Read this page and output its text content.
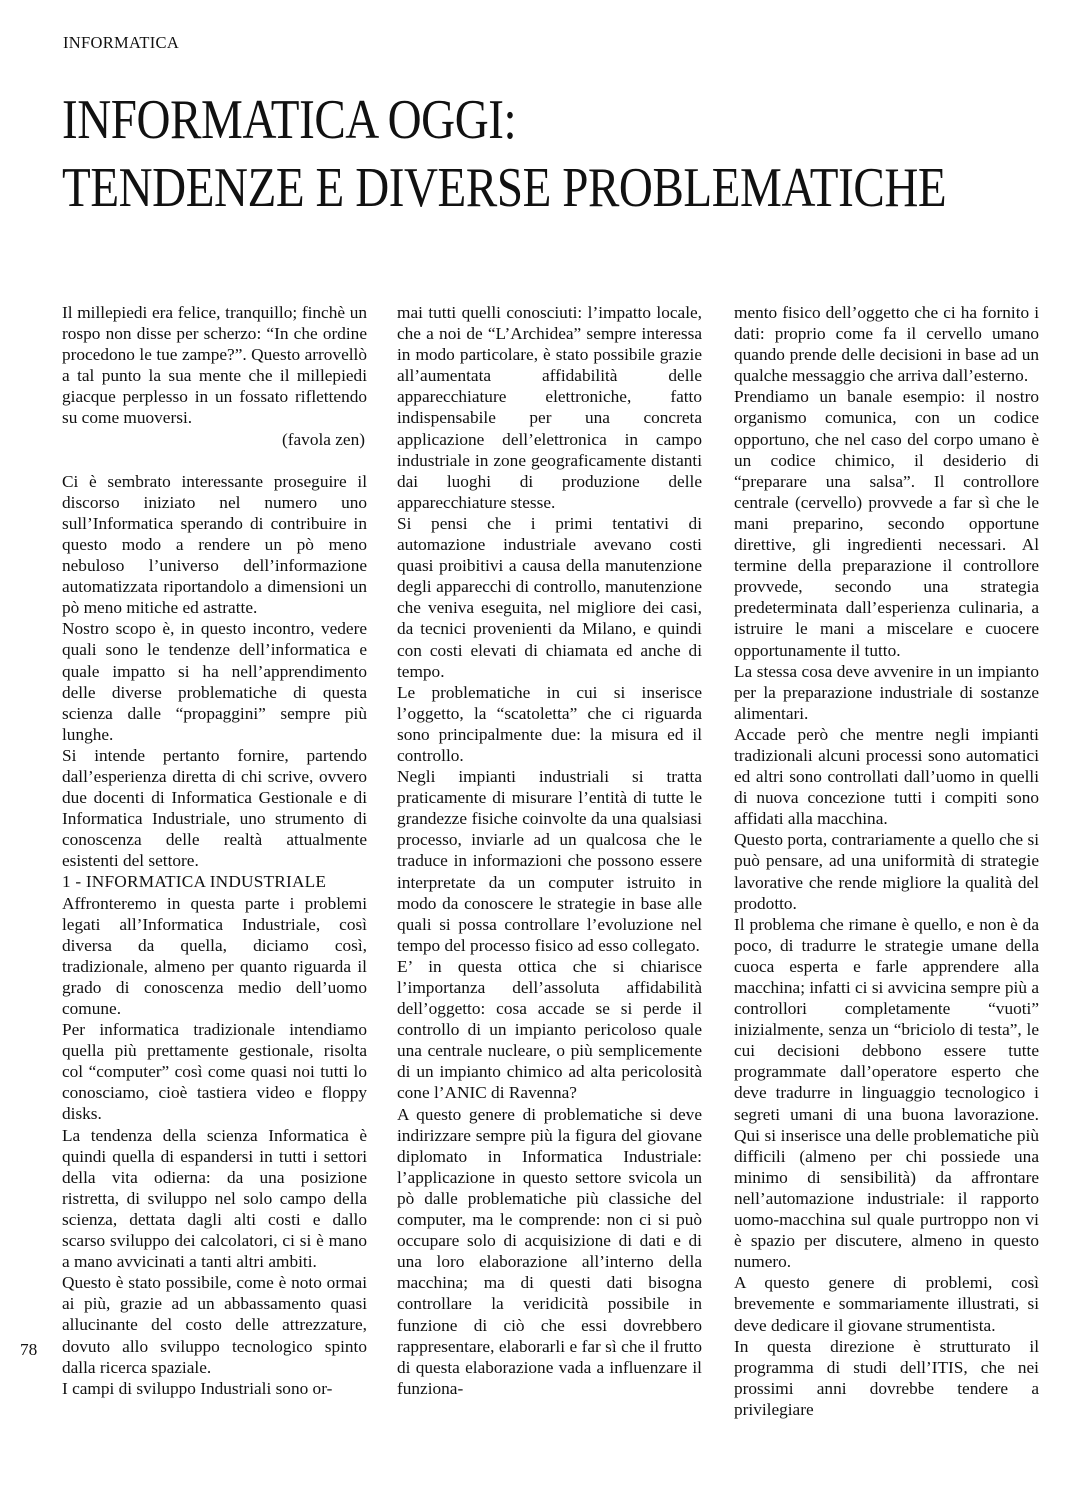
INFORMATICA
INFORMATICA OGGI:
TENDENZE E DIVERSE PROBLEMATICHE

Il millepiedi era felice, tranquillo; finchè un rospo non disse per scherzo: “In che ordine procedono le tue zampe?”. Questo arrovellò a tal punto la sua mente che il millepiedi giacque perplesso in un fossato riflettendo su come muoversi.

(favola zen)

Ci è sembrato interessante proseguire il discorso iniziato nel numero uno sull’Informatica sperando di contribuire in questo modo a rendere un pò meno nebuloso l’universo dell’informazione automatizzata riportandolo a dimensioni un pò meno mitiche ed astratte.

Nostro scopo è, in questo incontro, vedere quali sono le tendenze dell’informatica e quale impatto si ha nell’apprendimento delle diverse problematiche di questa scienza dalle “propaggini” sempre più lunghe.

Si intende pertanto fornire, partendo dall’esperienza diretta di chi scrive, ovvero due docenti di Informatica Gestionale e di Informatica Industriale, uno strumento di conoscenza delle realtà attualmente esistenti del settore.

1 - INFORMATICA INDUSTRIALE

Affronteremo in questa parte i problemi legati all’Informatica Industriale, così diversa da quella, diciamo così, tradizionale, almeno per quanto riguarda il grado di conoscenza medio dell’uomo comune.

Per informatica tradizionale intendiamo quella più prettamente gestionale, risolta col “computer” così come quasi noi tutti lo conosciamo, cioè tastiera video e floppy disks.

La tendenza della scienza Informatica è quindi quella di espandersi in tutti i settori della vita odierna: da una posizione ristretta, di sviluppo nel solo campo della scienza, dettata dagli alti costi e dallo scarso sviluppo dei calcolatori, ci si è mano a mano avvicinati a tanti altri ambiti.

Questo è stato possibile, come è noto ormai ai più, grazie ad un abbassamento quasi allucinante del costo delle attrezzature, dovuto allo sviluppo tecnologico spinto dalla ricerca spaziale.

I campi di sviluppo Industriali sono or-

mai tutti quelli conosciuti: l’impatto locale, che a noi de “L’Archidea” sempre interessa in modo particolare, è stato possibile grazie all’aumentata affidabilità delle apparecchiature elettroniche, fatto indispensabile per una concreta applicazione dell’elettronica in campo industriale in zone geograficamente distanti dai luoghi di produzione delle apparecchiature stesse.

Si pensi che i primi tentativi di automazione industriale avevano costi quasi proibitivi a causa della manutenzione degli apparecchi di controllo, manutenzione che veniva eseguita, nel migliore dei casi, da tecnici provenienti da Milano, e quindi con costi elevati di chiamata ed anche di tempo.

Le problematiche in cui si inserisce l’oggetto, la “scatoletta” che ci riguarda sono principalmente due: la misura ed il controllo.

Negli impianti industriali si tratta praticamente di misurare l’entità di tutte le grandezze fisiche coinvolte da una qualsiasi processo, inviarle ad un qualcosa che le traduce in informazioni che possono essere interpretate da un computer istruito in modo da conoscere le strategie in base alle quali si possa controllare l’evoluzione nel tempo del processo fisico ad esso collegato.

E’ in questa ottica che si chiarisce l’importanza dell’assoluta affidabilità dell’oggetto: cosa accade se si perde il controllo di un impianto pericoloso quale una centrale nucleare, o più semplicemente di un impianto chimico ad alta pericolosità cone l’ANIC di Ravenna?

A questo genere di problematiche si deve indirizzare sempre più la figura del giovane diplomato in Informatica Industriale: l’applicazione in questo settore svicola un pò dalle problematiche più classiche del computer, ma le comprende: non ci si può occupare solo di acquisizione di dati e di una loro elaborazione all’interno della macchina; ma di questi dati bisogna controllare la veridicità possibile in funzione di ciò che essi dovrebbero rappresentare, elaborarli e far sì che il frutto di questa elaborazione vada a influenzare il funziona-

mento fisico dell’oggetto che ci ha fornito i dati: proprio come fa il cervello umano quando prende delle decisioni in base ad un qualche messaggio che arriva dall’esterno.

Prendiamo un banale esempio: il nostro organismo comunica, con un codice opportuno, che nel caso del corpo umano è un codice chimico, il desiderio di “preparare una salsa”. Il controllore centrale (cervello) provvede a far sì che le mani preparino, secondo opportune direttive, gli ingredienti necessari. Al termine della preparazione il controllore provvede, secondo una strategia predeterminata dall’esperienza culinaria, a istruire le mani a miscelare e cuocere opportunamente il tutto.

La stessa cosa deve avvenire in un impianto per la preparazione industriale di sostanze alimentari.

Accade però che mentre negli impianti tradizionali alcuni processi sono automatici ed altri sono controllati dall’uomo in quelli di nuova concezione tutti i compiti sono affidati alla macchina.

Questo porta, contrariamente a quello che si può pensare, ad una uniformità di strategie lavorative che rende migliore la qualità del prodotto.

Il problema che rimane è quello, e non è da poco, di tradurre le strategie umane della cuoca esperta e farle apprendere alla macchina; infatti ci si avvicina sempre più a controllori completamente “vuoti” inizialmente, senza un “briciolo di testa”, le cui decisioni debbono essere tutte programmate dall’operatore esperto che deve tradurre in linguaggio tecnologico i segreti umani di una buona lavorazione. Qui si inserisce una delle problematiche più difficili (almeno per chi possiede una minimo di sensibilità) da affrontare nell’automazione industriale: il rapporto uomo-macchina sul quale purtroppo non vi è spazio per discutere, almeno in questo numero.

A questo genere di problemi, così brevemente e sommariamente illustrati, si deve dedicare il giovane strumentista.

In questa direzione è strutturato il programma di studi dell’ITIS, che nei prossimi anni dovrebbe tendere a privilegiare

78
